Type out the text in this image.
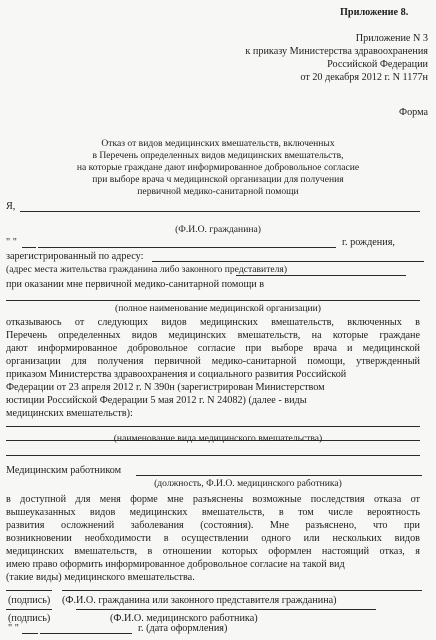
Приложение 8.
Приложение N 3
к приказу Министерства здравоохранения
Российской Федерации
от 20 декабря 2012 г. N 1177н
Форма
Отказ от видов медицинских вмешательств, включенных
в Перечень определенных видов медицинских вмешательств,
на которые граждане дают информированное добровольное согласие
при выборе врача ч медицинской организации для получения
первичной медико-санитарной помощи
Я,
(Ф.И.О. гражданина)
" "	г. рождения,
зарегистрированный по адресу:
(адрес места жительства гражданина либо законного представителя)
при оказании мне первичной медико-санитарной помощи в
(полное наименование медицинской организации)
отказываюсь от следующих видов медицинских вмешательств, включенных в
Перечень определенных видов медицинских вмешательств, на которые граждане
дают информированное добровольное согласие при выборе врача и медицинской
организации для получения первичной медико-санитарной помощи, утвержденный
приказом Министерства здравоохранения и социального развития Российской
Федерации от 23 апреля 2012 г. N 390н (зарегистрирован Министерством
юстиции Российской Федерации 5 мая 2012 г. N 24082) (далее - виды
медицинских вмешательств):
(наименование вида медицинского вмешательства)
Медицинским работником
(должность, Ф.И.О. медицинского работника)
в доступной для меня форме мне разъяснены возможные последствия отказа от
вышеуказанных видов медицинских вмешательств, в том числе вероятность
развития осложнений заболевания (состояния). Мне разъяснено, что при
возникновении необходимости в осуществлении одного или нескольких видов
медицинских вмешательств, в отношении которых оформлен настоящий отказ, я
имею право оформить информированное добровольное согласие на такой вид
(такие виды) медицинского вмешательства.
(подпись) (Ф.И.О. гражданина или законного представителя гражданина)
(подпись)	(Ф.И.О. медицинского работника)
" "	г. (дата оформления)
